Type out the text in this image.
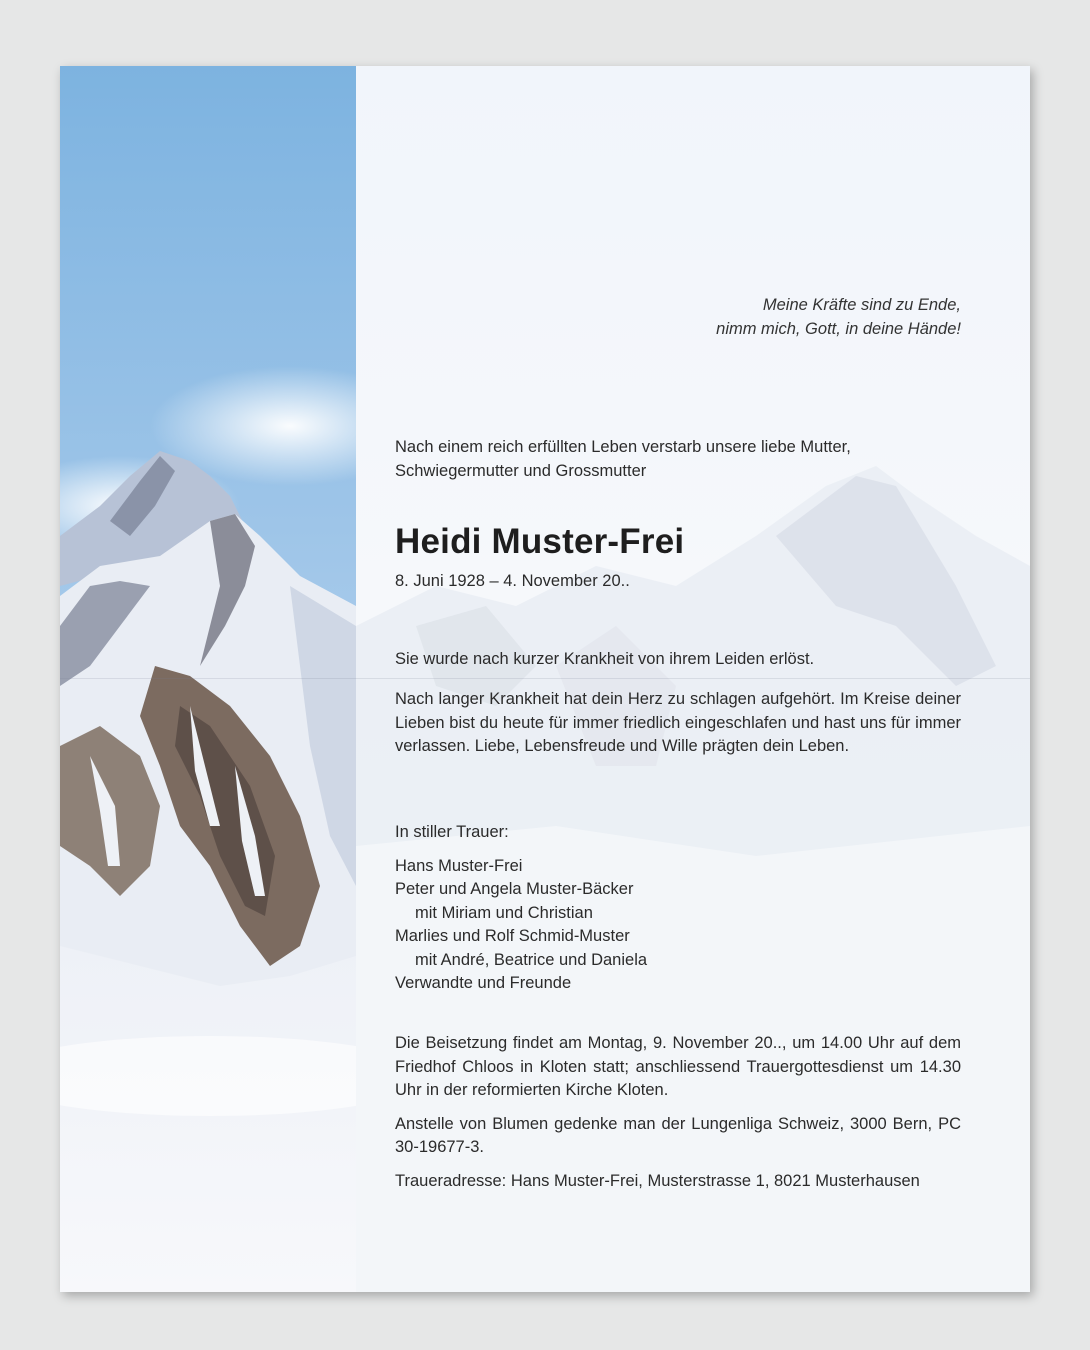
Meine Kräfte sind zu Ende,
nimm mich, Gott, in deine Hände!
Nach einem reich erfüllten Leben verstarb unsere liebe Mutter,
Schwiegermutter und Grossmutter
Heidi Muster-Frei
8. Juni 1928 – 4. November 20..
Sie wurde nach kurzer Krankheit von ihrem Leiden erlöst.
Nach langer Krankheit hat dein Herz zu schlagen aufgehört. Im Kreise deiner Lieben bist du heute für immer friedlich eingeschlafen und hast uns für immer verlassen. Liebe, Lebensfreude und Wille prägten dein Leben.
In stiller Trauer:
Hans Muster-Frei
Peter und Angela Muster-Bäcker
mit Miriam und Christian
Marlies und Rolf Schmid-Muster
mit André, Beatrice und Daniela
Verwandte und Freunde

Die Beisetzung findet am Montag, 9. November 20.., um 14.00 Uhr auf dem Friedhof Chloos in Kloten statt; anschliessend Trauergottesdienst um 14.30 Uhr in der reformierten Kirche Kloten.

Anstelle von Blumen gedenke man der Lungenliga Schweiz, 3000 Bern, PC 30-19677-3.

Traueradresse: Hans Muster-Frei, Musterstrasse 1, 8021 Musterhausen
